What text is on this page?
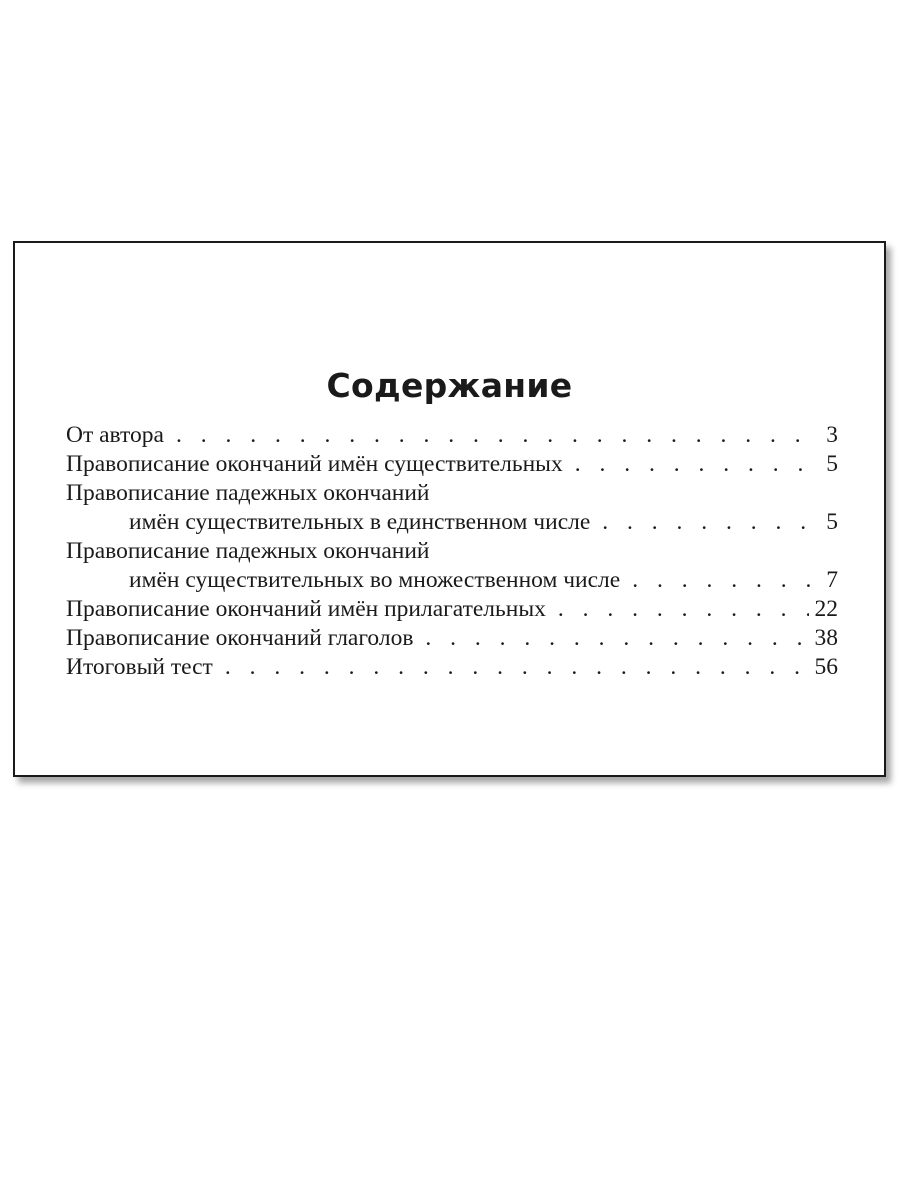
Содержание
От автора . . .	3
Правописание окончаний имён существительных . . .	5
Правописание падежных окончаний
имён существительных в единственном числе . . .	5
Правописание падежных окончаний
имён существительных во множественном числе . . .	7
Правописание окончаний имён прилагательных . . .	22
Правописание окончаний глаголов . . .	38
Итоговый тест . . .	56
